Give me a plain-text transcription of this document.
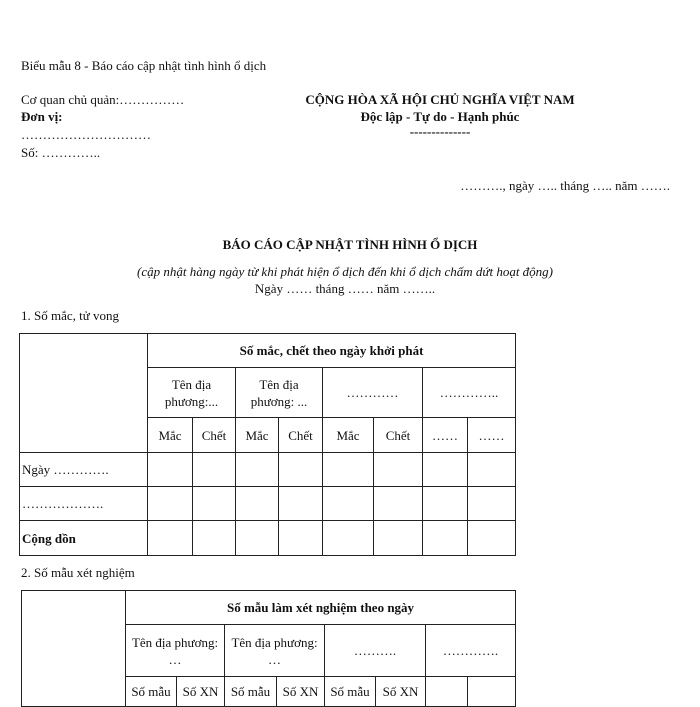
Biểu mẫu 8 - Báo cáo cập nhật tình hình ổ dịch
Cơ quan chủ quản:……………
Đơn vị:
…………………………
Số: …………..
CỘNG HÒA XÃ HỘI CHỦ NGHĨA VIỆT NAM
Độc lập - Tự do - Hạnh phúc
--------------
………., ngày ….. tháng ….. năm …….
BÁO CÁO CẬP NHẬT TÌNH HÌNH Ổ DỊCH
(cập nhật hàng ngày từ khi phát hiện ổ dịch đến khi ổ dịch chấm dứt hoạt động)
Ngày …… tháng …… năm ……..
1. Số mắc, tử vong
	Số mắc, chết theo ngày khởi phát							
	Tên địa
phương:...		Tên địa
phương: ...		…………		…………..	
	Mắc	Chết	Mắc	Chết	Mắc	Chết	……	……
Ngày ………….								
……………….								
Cộng dồn								
2. Số mẫu xét nghiệm
	Số mẫu làm xét nghiệm theo ngày							
	Tên địa phương:
…		Tên địa phương:
…		……….		………….	
	Số mẫu	Số XN	Số mẫu	Số XN	Số mẫu	Số XN		
